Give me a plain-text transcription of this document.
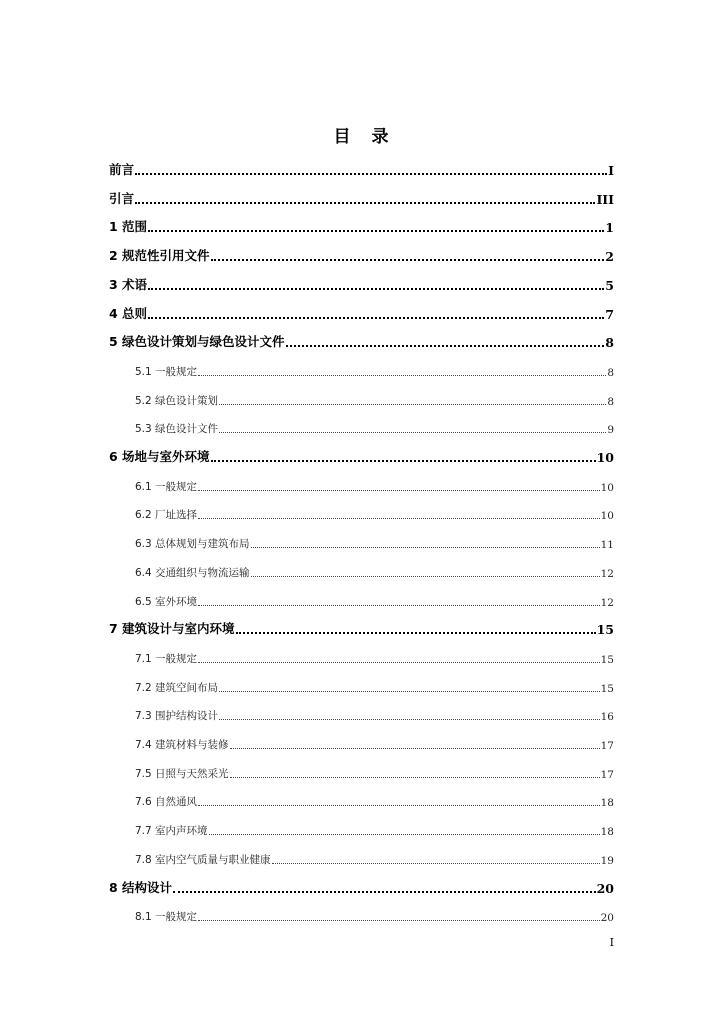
目　录
前言	I
引言	III
1 范围	1
2 规范性引用文件	2
3 术语	5
4 总则	7
5 绿色设计策划与绿色设计文件	8
5.1 一般规定	8
5.2 绿色设计策划	8
5.3 绿色设计文件	9
6 场地与室外环境	10
6.1 一般规定	10
6.2 厂址选择	10
6.3 总体规划与建筑布局	11
6.4 交通组织与物流运输	12
6.5 室外环境	12
7 建筑设计与室内环境	15
7.1 一般规定	15
7.2 建筑空间布局	15
7.3 围护结构设计	16
7.4 建筑材料与装修	17
7.5 日照与天然采光	17
7.6 自然通风	18
7.7 室内声环境	18
7.8 室内空气质量与职业健康	19
8 结构设计	20
8.1 一般规定	20
I
